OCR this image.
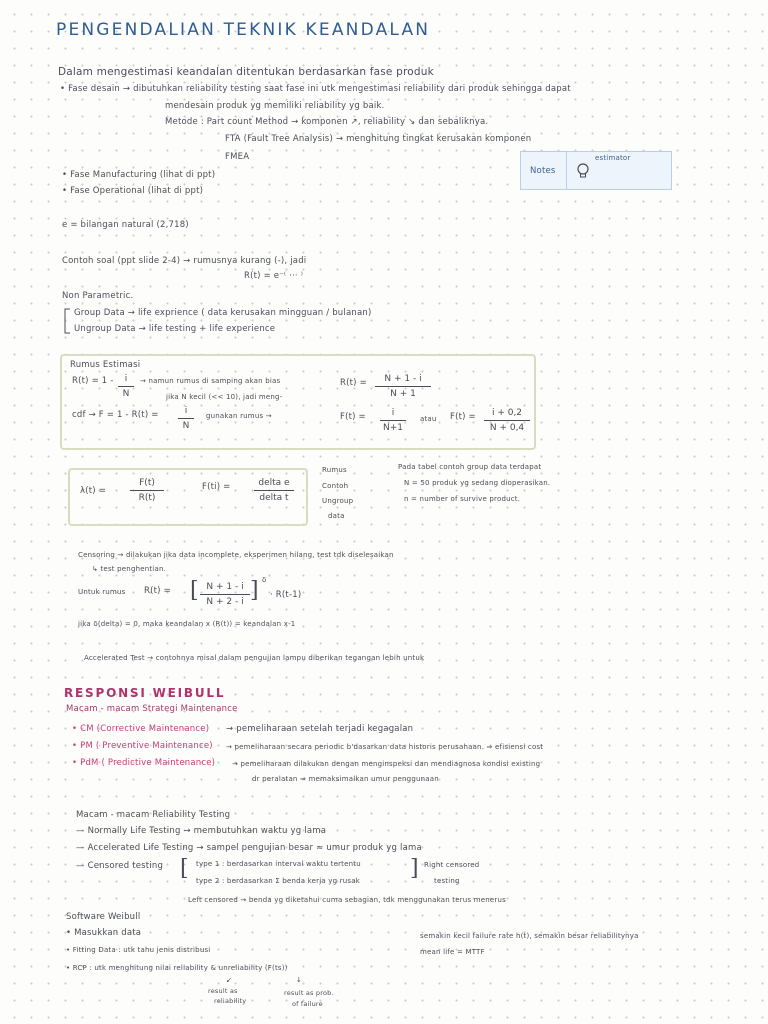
PENGENDALIAN TEKNIK KEANDALAN
Dalam mengestimasi keandalan ditentukan berdasarkan fase produk
• Fase desain → dibutuhkan reliability testing saat fase ini utk mengestimasi reliability dari produk sehingga dapat
mendesain produk yg memiliki reliability yg baik.
Metode : Part count Method → komponen ↗, reliability ↘ dan sebaliknya.
FTA (Fault Tree Analysis) → menghitung tingkat kerusakan komponen
FMEA
• Fase Manufacturing (lihat di ppt)
• Fase Operational (lihat di ppt)
Notes
estimator
e = bilangan natural (2,718)
Contoh soal (ppt slide 2-4) → rumusnya kurang (-), jadi
R(t) = e⁻⁽ ··· ⁾
Non Parametric.
Group Data → life exprience ( data kerusakan mingguan / bulanan)
Ungroup Data → life testing + life experience
Rumus Estimasi
R(t) = 1 -	i
N
→ namun rumus di samping akan bias
jika N kecil (<< 10), jadi meng-
cdf → F = 1 - R(t) =	i
N
gunakan rumus →
R(t) =	N + 1 - i
N + 1
F(t) =	i
N+1
atau F(t) =	i + 0,2
N + 0,4
λ(t) =
F(t)
R(t)
F(ti) =	delta e
delta t
Rumus
Contoh
Ungroup
data
Pada tabel contoh group data terdapat
N = 50 produk yg sedang dioperasikan.
n = number of survive product.
Censoring → dilakukan jika data incomplete, eksperimen hilang, test tdk diselesaikan
↳ test penghentian.
Untuk rumus R(t) = [ N + 1 - i
N + 2 - i ] δ
· R(t-1)
jika δ(delta) = 0, maka keandalan x (R(t)) = keandalan x-1
Accelerated Test → contohnya misal dalam pengujian lampu diberikan tegangan lebih untuk
RESPONSI WEIBULL
Macam - macam Strategi Maintenance
• CM (Corrective Maintenance) → pemeliharaan setelah terjadi kegagalan
• PM ( Preventive Maintenance) → pemeliharaan secara periodic b'dasarkan data historis perusahaan. ⇒ efisiensi cost
• PdM ( Predictive Maintenance) → pemeliharaan dilakukan dengan menginspeksi dan mendiagnosa kondisi existing
dr peralatan ⇒ memaksimalkan umur penggunaan
Macam - macam Reliability Testing
— Normally Life Testing → membutuhkan waktu yg lama
— Accelerated Life Testing → sampel pengujian besar ≈ umur produk yg lama
— Censored testing [ type 1 : berdasarkan interval waktu tertentu
type 2 : berdasarkan Σ benda kerja yg rusak ] Right censored
testing
Left censored → benda yg diketahui cuma sebagian, tdk menggunakan terus menerus
Software Weibull
• Masukkan data
• Fitting Data : utk tahu jenis distribusi
• RCP : utk menghitung nilai reliability & unreliability (F(ts))
semakin kecil failure rate h(t), semakin besar reliabilitynya
mean life = MTTF
↙	↓
result as
reliability
result as prob.
of failure
